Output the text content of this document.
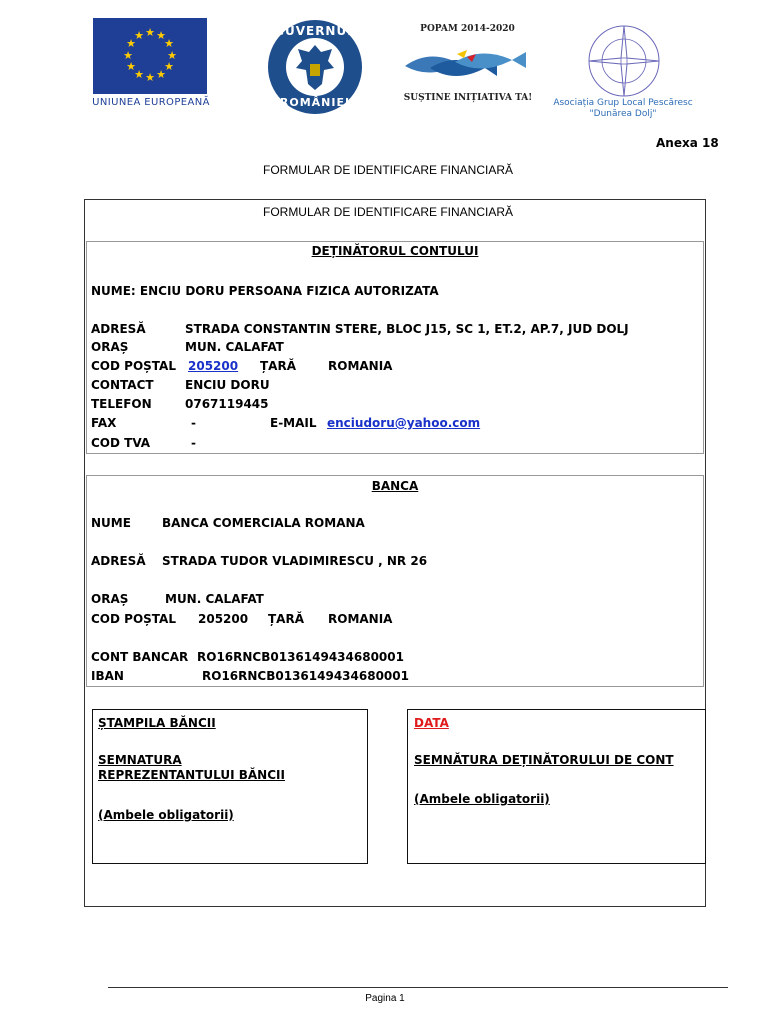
★ ★
★
★
★
★
★
★
★
★
★
★
UNIUNEA EUROPEANĂ
GUVERNUL
ROMÂNIEI
POPAM 2014-2020
SUȘTINE INIȚIATIVA TA!	Asociația Grup Local Pescăresc
"Dunărea Dolj"
Anexa 18
FORMULAR DE IDENTIFICARE FINANCIARĂ
FORMULAR DE IDENTIFICARE FINANCIARĂ
DEȚINĂTORUL CONTULUI
NUME: ENCIU DORU PERSOANA FIZICA AUTORIZATA
ADRESĂ	STRADA CONSTANTIN STERE, BLOC J15, SC 1, ET.2, AP.7, JUD DOLJ
ORAȘ	MUN. CALAFAT
COD POȘTAL 205200 ȚARĂ	ROMANIA
CONTACT	ENCIU DORU
TELEFON	0767119445
FAX	-	E-MAIL enciudoru@yahoo.com
COD TVA	-
BANCA
NUME	BANCA COMERCIALA ROMANA
ADRESĂ STRADA TUDOR VLADIMIRESCU , NR 26
ORAȘ	MUN. CALAFAT
COD POȘTAL 205200 ȚARĂ ROMANIA
CONT BANCAR RO16RNCB0136149434680001
IBAN	RO16RNCB0136149434680001
ȘTAMPILA BĂNCII
SEMNATURA
REPREZENTANTULUI BĂNCII
(Ambele obligatorii)
DATA
SEMNĂTURA DEȚINĂTORULUI DE CONT
(Ambele obligatorii)
Pagina 1
